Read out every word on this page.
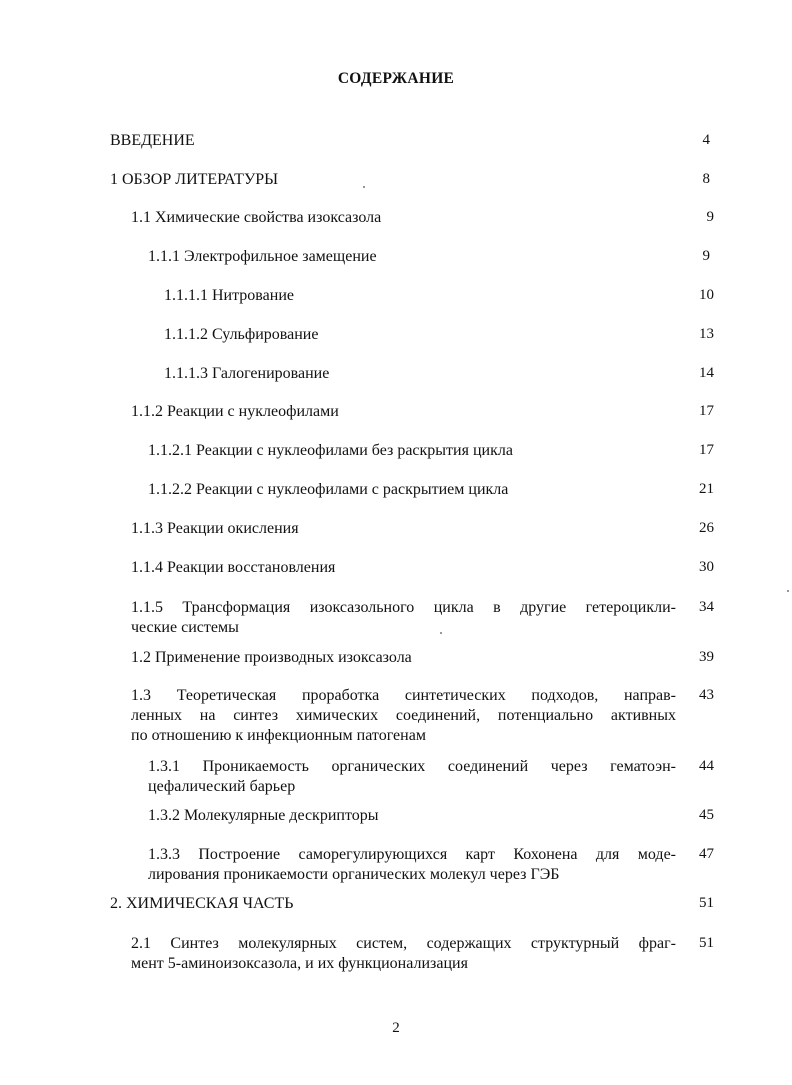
СОДЕРЖАНИЕ
ВВЕДЕНИЕ	4
1 ОБЗОР ЛИТЕРАТУРЫ	8
1.1 Химические свойства изоксазола	9
1.1.1 Электрофильное замещение	9
1.1.1.1 Нитрование	10
1.1.1.2 Сульфирование	13
1.1.1.3 Галогенирование	14
1.1.2 Реакции с нуклеофилами	17
1.1.2.1 Реакции с нуклеофилами без раскрытия цикла	17
1.1.2.2 Реакции с нуклеофилами с раскрытием цикла	21
1.1.3 Реакции окисления	26
1.1.4 Реакции восстановления	30
1.1.5 Трансформация изоксазольного цикла в другие гетероцикли-	34
ческие системы
1.2 Применение производных изоксазола	39
1.3 Теоретическая проработка синтетических подходов, направ-	43
ленных на синтез химических соединений, потенциально активных
по отношению к инфекционным патогенам
1.3.1 Проникаемость органических соединений через гематоэн-	44
цефалический барьер
1.3.2 Молекулярные дескрипторы	45
1.3.3 Построение саморегулирующихся карт Кохонена для моде-	47
лирования проникаемости органических молекул через ГЭБ
2. ХИМИЧЕСКАЯ ЧАСТЬ	51
2.1 Синтез молекулярных систем, содержащих структурный фраг-	51
мент 5-аминоизоксазола, и их функционализация
2
